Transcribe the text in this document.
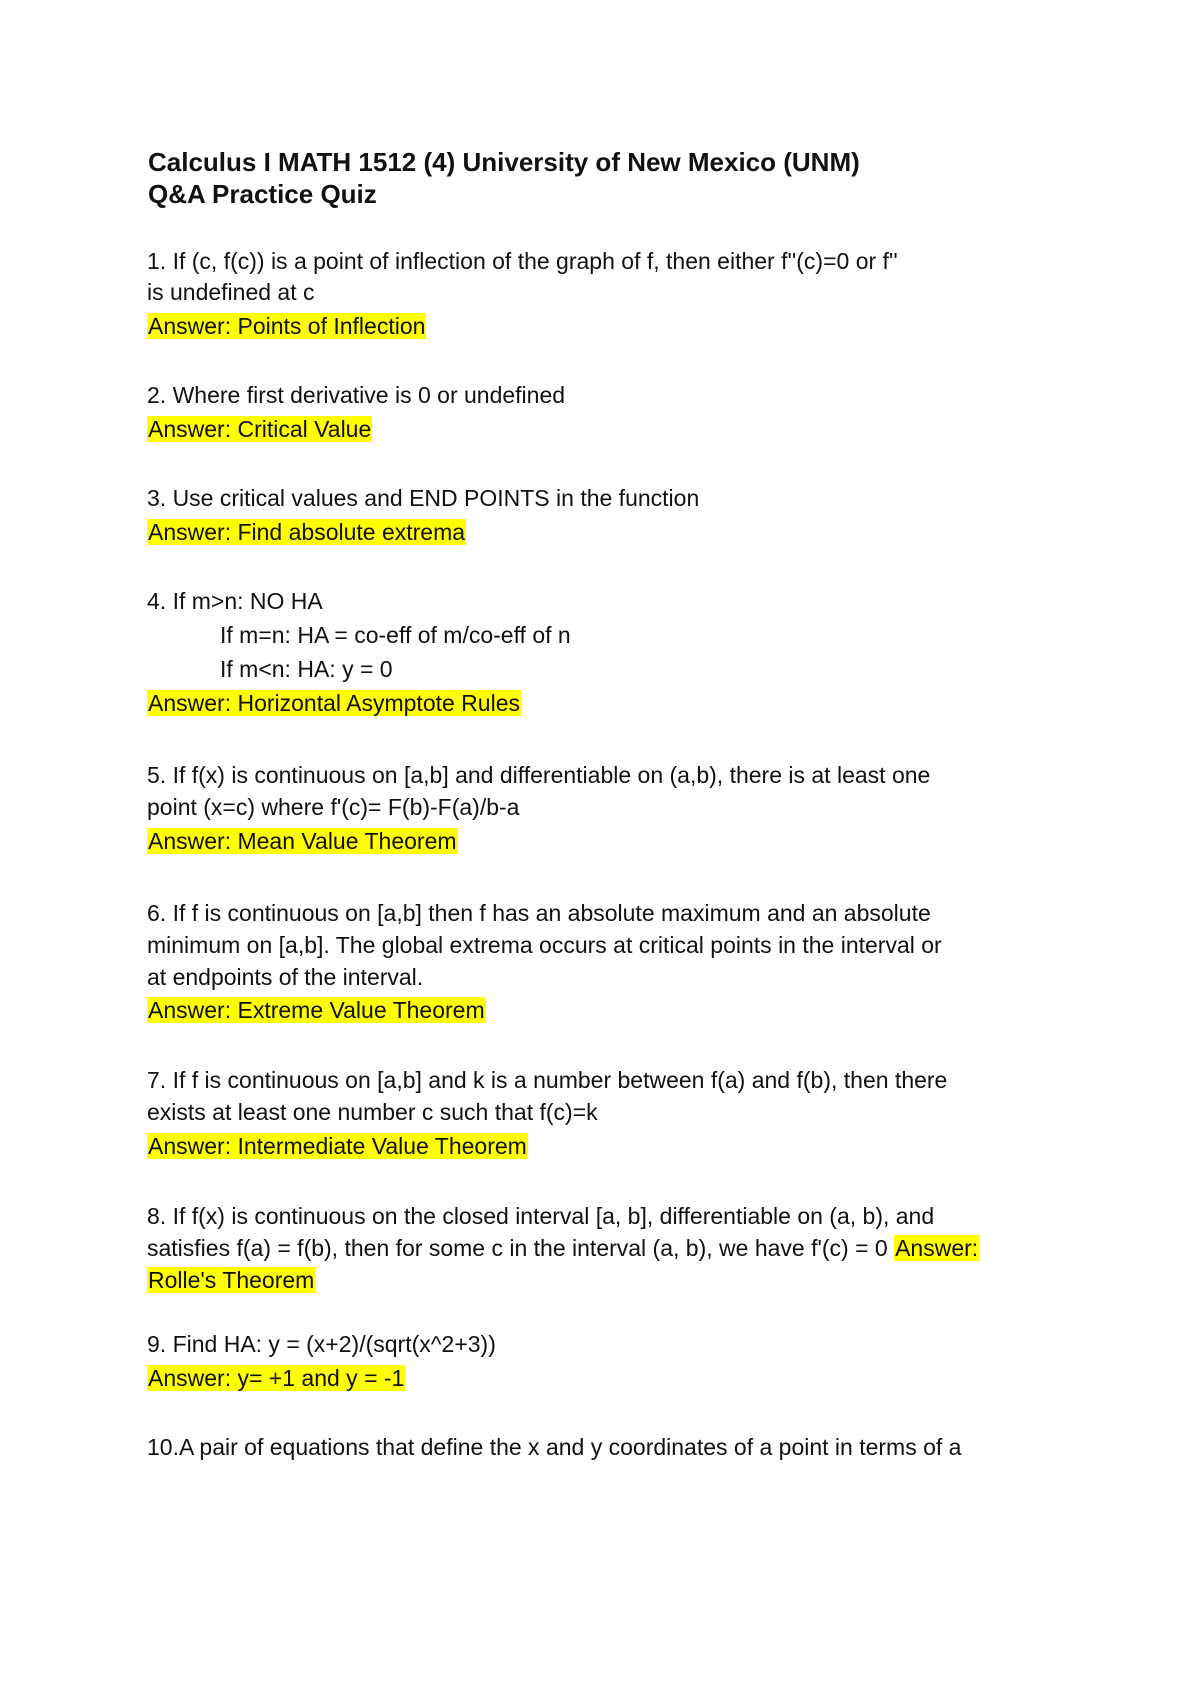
Calculus I MATH 1512 (4) University of New Mexico (UNM)
Q&A Practice Quiz
1. If (c, f(c)) is a point of inflection of the graph of f, then either f''(c)=0 or f''
is undefined at c
Answer: Points of Inflection
2. Where first derivative is 0 or undefined
Answer: Critical Value
3. Use critical values and END POINTS in the function
Answer: Find absolute extrema
4. If m>n: NO HA
If m=n: HA = co-eff of m/co-eff of n
If m<n: HA: y = 0
Answer: Horizontal Asymptote Rules
5. If f(x) is continuous on [a,b] and differentiable on (a,b), there is at least one
point (x=c) where f'(c)= F(b)-F(a)/b-a
Answer: Mean Value Theorem
6. If f is continuous on [a,b] then f has an absolute maximum and an absolute
minimum on [a,b]. The global extrema occurs at critical points in the interval or
at endpoints of the interval.
Answer: Extreme Value Theorem
7. If f is continuous on [a,b] and k is a number between f(a) and f(b), then there
exists at least one number c such that f(c)=k
Answer: Intermediate Value Theorem
8. If f(x) is continuous on the closed interval [a, b], differentiable on (a, b), and
satisfies f(a) = f(b), then for some c in the interval (a, b), we have f'(c) = 0 Answer:
Rolle's Theorem
9. Find HA: y = (x+2)/(sqrt(x^2+3))
Answer: y= +1 and y = -1
10.A pair of equations that define the x and y coordinates of a point in terms of a
